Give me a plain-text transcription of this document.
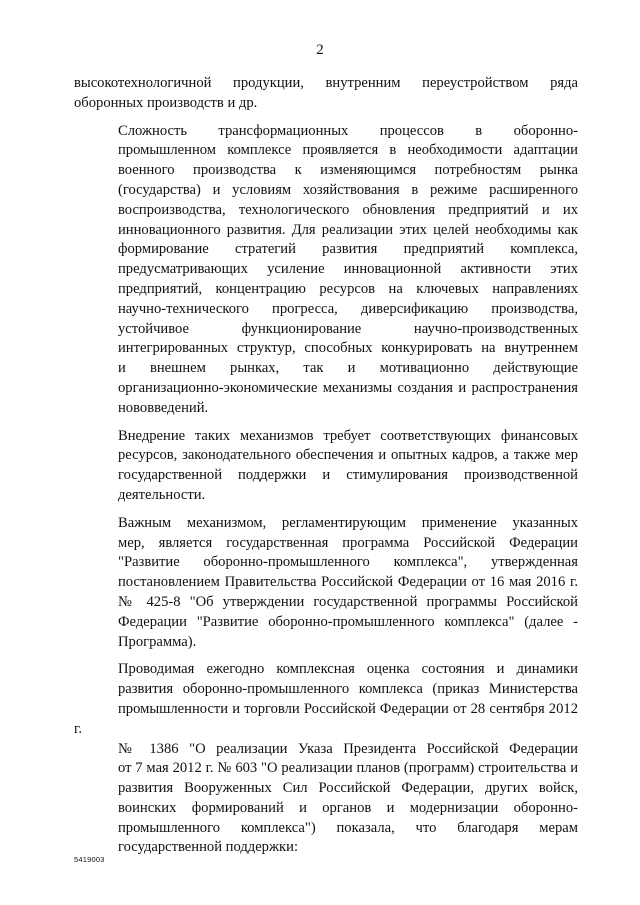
2
высокотехнологичной продукции, внутренним переустройством ряда
оборонных производств и др.
Сложность трансформационных процессов в оборонно-
промышленном комплексе проявляется в необходимости адаптации
военного производства к изменяющимся потребностям рынка
(государства) и условиям хозяйствования в режиме расширенного
воспроизводства, технологического обновления предприятий и их
инновационного развития. Для реализации этих целей необходимы как
формирование стратегий развития предприятий комплекса,
предусматривающих усиление инновационной активности этих
предприятий, концентрацию ресурсов на ключевых направлениях
научно-технического прогресса, диверсификацию производства,
устойчивое функционирование научно-производственных
интегрированных структур, способных конкурировать на внутреннем
и внешнем рынках, так и мотивационно действующие
организационно-экономические механизмы создания и распространения
нововведений.
Внедрение таких механизмов требует соответствующих финансовых
ресурсов, законодательного обеспечения и опытных кадров, а также мер
государственной поддержки и стимулирования производственной
деятельности.
Важным механизмом, регламентирующим применение указанных
мер, является государственная программа Российской Федерации
"Развитие оборонно-промышленного комплекса", утвержденная
постановлением Правительства Российской Федерации от 16 мая 2016 г.
№ 425-8 "Об утверждении государственной программы Российской
Федерации "Развитие оборонно-промышленного комплекса" (далее -
Программа).
Проводимая ежегодно комплексная оценка состояния и динамики
развития оборонно-промышленного комплекса (приказ Министерства
промышленности и торговли Российской Федерации от 28 сентября 2012 г.
№ 1386 "О реализации Указа Президента Российской Федерации
от 7 мая 2012 г. № 603 "О реализации планов (программ) строительства и
развития Вооруженных Сил Российской Федерации, других войск,
воинских формирований и органов и модернизации оборонно-
промышленного комплекса") показала, что благодаря мерам
государственной поддержки:
5419003
